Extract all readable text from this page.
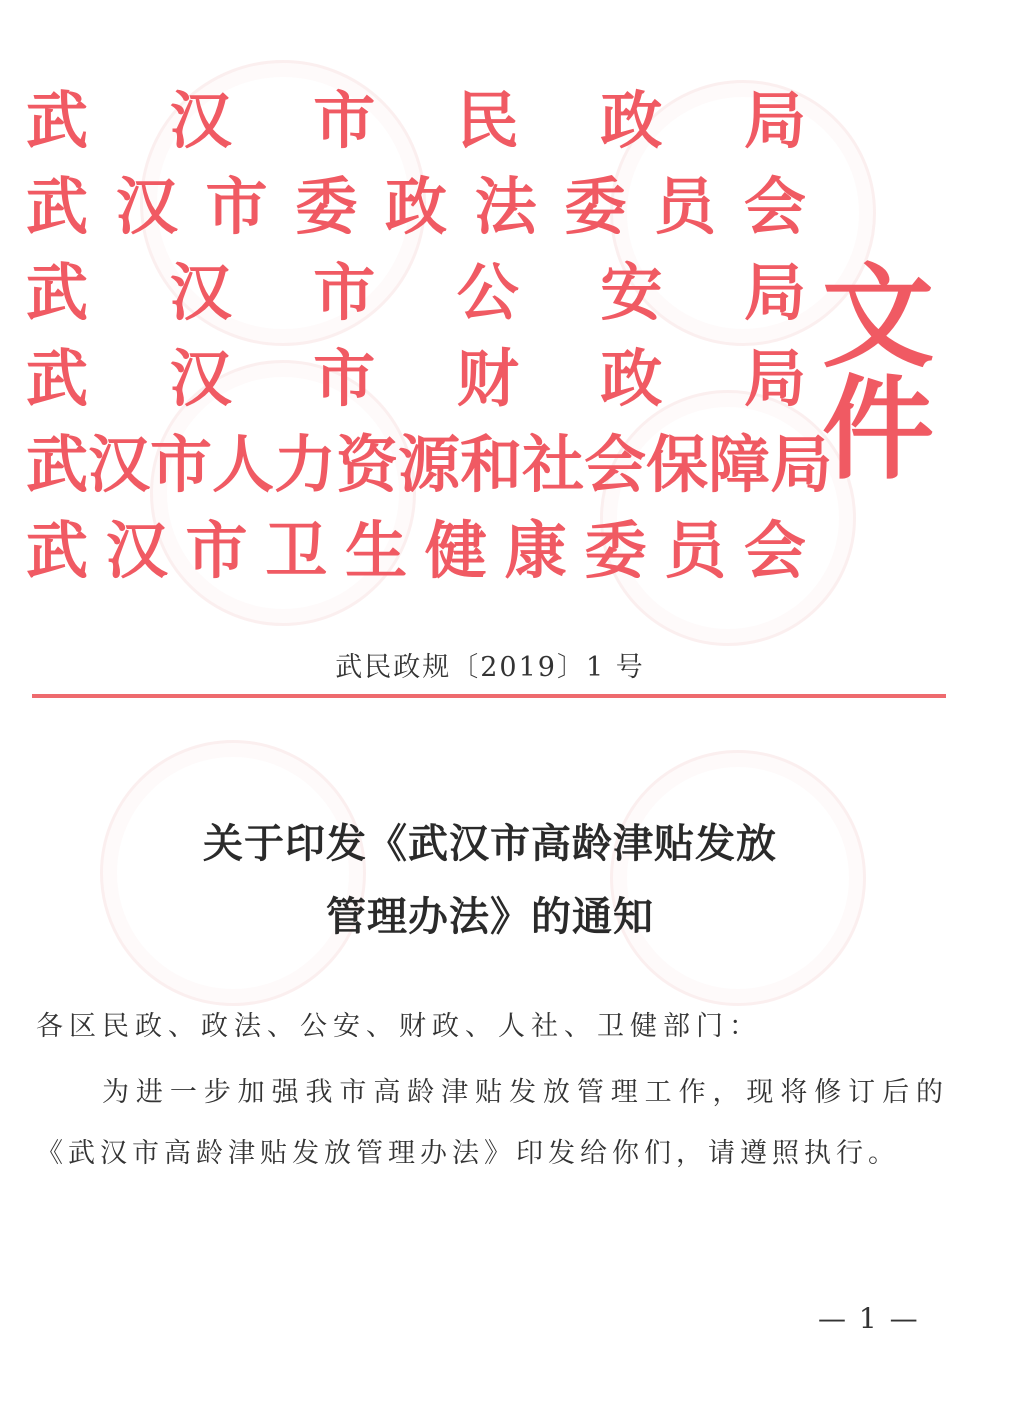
武 汉 市 民 政 局
武 汉 市 委 政 法 委 员 会
武 汉 市 公 安 局
武 汉 市 财 政 局
武 汉 市 人 力 资 源 和 社 会 保 障 局
武 汉 市 卫 生 健 康 委 员 会
文件
武民政规〔2019〕1 号
关于印发《武汉市高龄津贴发放
管理办法》的通知
各区民政、政法、公安、财政、人社、卫健部门：
为进一步加强我市高龄津贴发放管理工作，现将修订后的《武汉市高龄津贴发放管理办法》印发给你们，请遵照执行。
— 1 —
